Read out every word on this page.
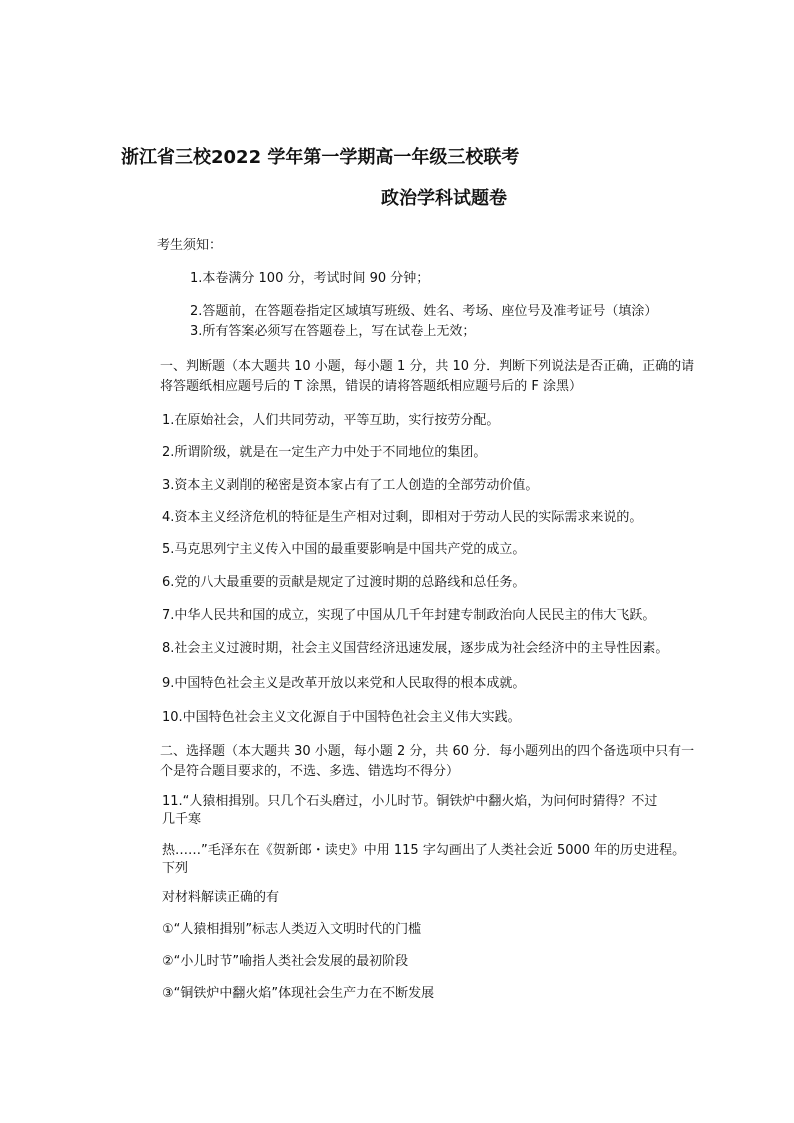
浙江省三校2022 学年第一学期高一年级三校联考
政治学科试题卷
考生须知：
1.本卷满分 100 分，考试时间 90 分钟；
2.答题前，在答题卷指定区域填写班级、姓名、考场、座位号及准考证号（填涂）
3.所有答案必须写在答题卷上，写在试卷上无效；
一、判断题（本大题共 10 小题，每小题 1 分，共 10 分．判断下列说法是否正确，正确的请将答题纸相应题号后的 T 涂黑，错误的请将答题纸相应题号后的 F 涂黑）
1.在原始社会，人们共同劳动，平等互助，实行按劳分配。
2.所谓阶级，就是在一定生产力中处于不同地位的集团。
3.资本主义剥削的秘密是资本家占有了工人创造的全部劳动价值。
4.资本主义经济危机的特征是生产相对过剩，即相对于劳动人民的实际需求来说的。
5.马克思列宁主义传入中国的最重要影响是中国共产党的成立。
6.党的八大最重要的贡献是规定了过渡时期的总路线和总任务。
7.中华人民共和国的成立，实现了中国从几千年封建专制政治向人民民主的伟大飞跃。
8.社会主义过渡时期，社会主义国营经济迅速发展，逐步成为社会经济中的主导性因素。
9.中国特色社会主义是改革开放以来党和人民取得的根本成就。
10.中国特色社会主义文化源自于中国特色社会主义伟大实践。
二、选择题（本大题共 30 小题，每小题 2 分，共 60 分．每小题列出的四个备选项中只有一个是符合题目要求的，不选、多选、错选均不得分）
11.“人猿相揖别。只几个石头磨过，小儿时节。铜铁炉中翻火焰，为问何时猜得？不过
几千寒
热……”毛泽东在《贺新郎・读史》中用 115 字勾画出了人类社会近 5000 年的历史进程。
下列
对材料解读正确的有
①“人猿相揖别”标志人类迈入文明时代的门槛
②“小儿时节”喻指人类社会发展的最初阶段
③“铜铁炉中翻火焰”体现社会生产力在不断发展
